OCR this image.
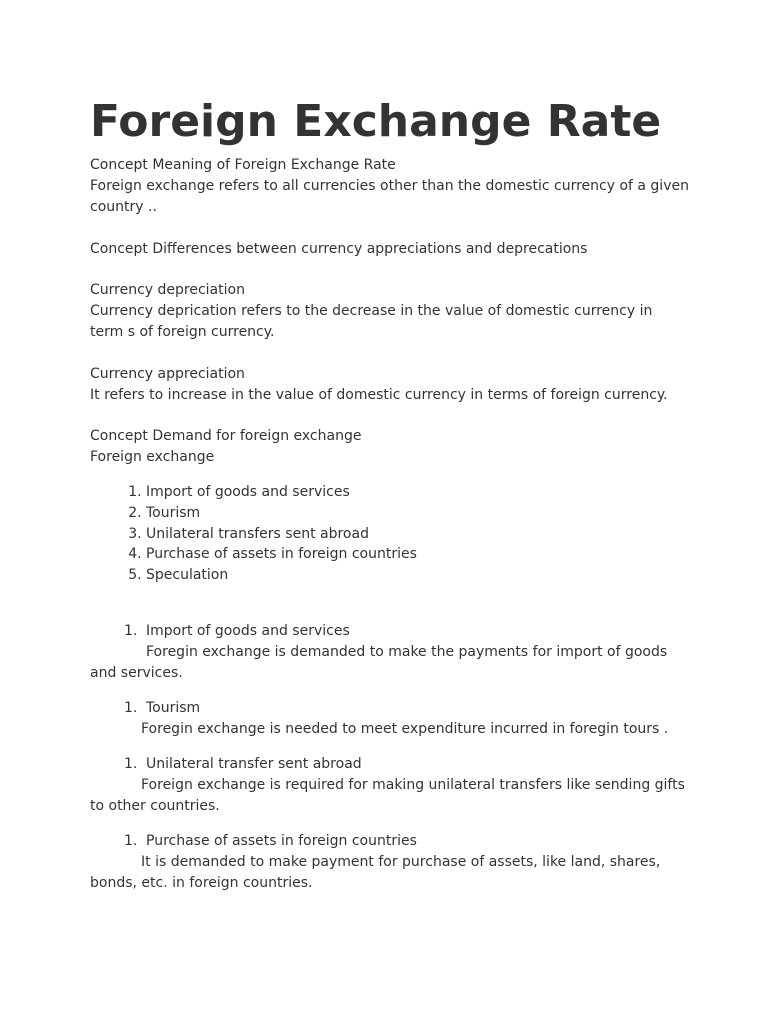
Foreign Exchange Rate

Concept Meaning of Foreign Exchange Rate

Foreign exchange refers to all currencies other than the domestic currency of a given country ..

Concept Differences between currency appreciations and deprecations

Currency depreciation

Currency deprication refers to the decrease in the value of domestic currency in term s of foreign currency.

Currency appreciation

It refers to increase in the value of domestic currency in terms of foreign currency.

Concept Demand for foreign exchange

Foreign exchange

1. Import of goods and services
2. Tourism
3. Unilateral transfers sent abroad
4. Purchase of assets in foreign countries
5. Speculation
1. Import of goods and services

Foregin exchange is demanded to make the payments for import of goods and services.

1. Tourism

Foregin exchange is needed to meet expenditure incurred in foregin tours .

1. Unilateral transfer sent abroad

Foreign exchange is required for making unilateral transfers like sending gifts to other countries.

1. Purchase of assets in foreign countries

It is demanded to make payment for purchase of assets, like land, shares, bonds, etc. in foreign countries.
